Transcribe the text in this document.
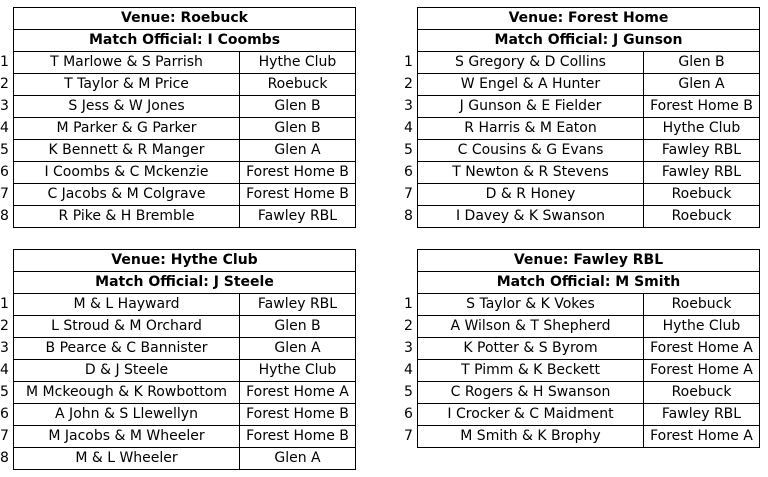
	Venue: Roebuck	
	Match Official: I Coombs	
1	T Marlowe & S Parrish	Hythe Club
2	T Taylor & M Price	Roebuck
3	S Jess & W Jones	Glen B
4	M Parker & G Parker	Glen B
5	K Bennett & R Manger	Glen A
6	I Coombs & C Mckenzie	Forest Home B
7	C Jacobs & M Colgrave	Forest Home B
8	R Pike & H Bremble	Fawley RBL
	Venue: Forest Home	
	Match Official: J Gunson	
1	S Gregory & D Collins	Glen B
2	W Engel & A Hunter	Glen A
3	J Gunson & E Fielder	Forest Home B
4	R Harris & M Eaton	Hythe Club
5	C Cousins & G Evans	Fawley RBL
6	T Newton & R Stevens	Fawley RBL
7	D & R Honey	Roebuck
8	I Davey & K Swanson	Roebuck
	Venue: Hythe Club	
	Match Official: J Steele	
1	M & L Hayward	Fawley RBL
2	L Stroud & M Orchard	Glen B
3	B Pearce & C Bannister	Glen A
4	D & J Steele	Hythe Club
5	M Mckeough & K Rowbottom	Forest Home A
6	A John & S Llewellyn	Forest Home B
7	M Jacobs & M Wheeler	Forest Home B
8	M & L Wheeler	Glen A
	Venue: Fawley RBL	
	Match Official: M Smith	
1	S Taylor & K Vokes	Roebuck
2	A Wilson & T Shepherd	Hythe Club
3	K Potter & S Byrom	Forest Home A
4	T Pimm & K Beckett	Forest Home A
5	C Rogers & H Swanson	Roebuck
6	I Crocker & C Maidment	Fawley RBL
7	M Smith & K Brophy	Forest Home A
